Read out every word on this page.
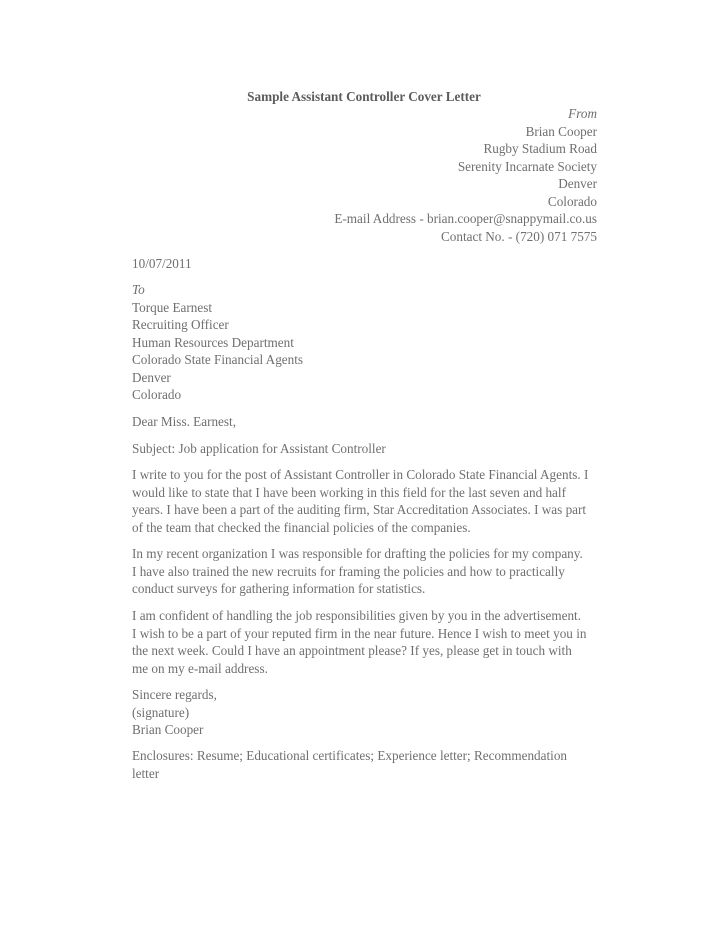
Sample Assistant Controller Cover Letter
From
Brian Cooper
Rugby Stadium Road
Serenity Incarnate Society
Denver
Colorado
E-mail Address - brian.cooper@snappymail.co.us
Contact No. - (720) 071 7575
10/07/2011
To
Torque Earnest
Recruiting Officer
Human Resources Department
Colorado State Financial Agents
Denver
Colorado
Dear Miss. Earnest,
Subject: Job application for Assistant Controller
I write to you for the post of Assistant Controller in Colorado State Financial Agents. I
would like to state that I have been working in this field for the last seven and half
years. I have been a part of the auditing firm, Star Accreditation Associates. I was part
of the team that checked the financial policies of the companies.
In my recent organization I was responsible for drafting the policies for my company.
I have also trained the new recruits for framing the policies and how to practically
conduct surveys for gathering information for statistics.
I am confident of handling the job responsibilities given by you in the advertisement.
I wish to be a part of your reputed firm in the near future. Hence I wish to meet you in
the next week. Could I have an appointment please? If yes, please get in touch with
me on my e-mail address.
Sincere regards,
(signature)
Brian Cooper
Enclosures: Resume; Educational certificates; Experience letter; Recommendation
letter
